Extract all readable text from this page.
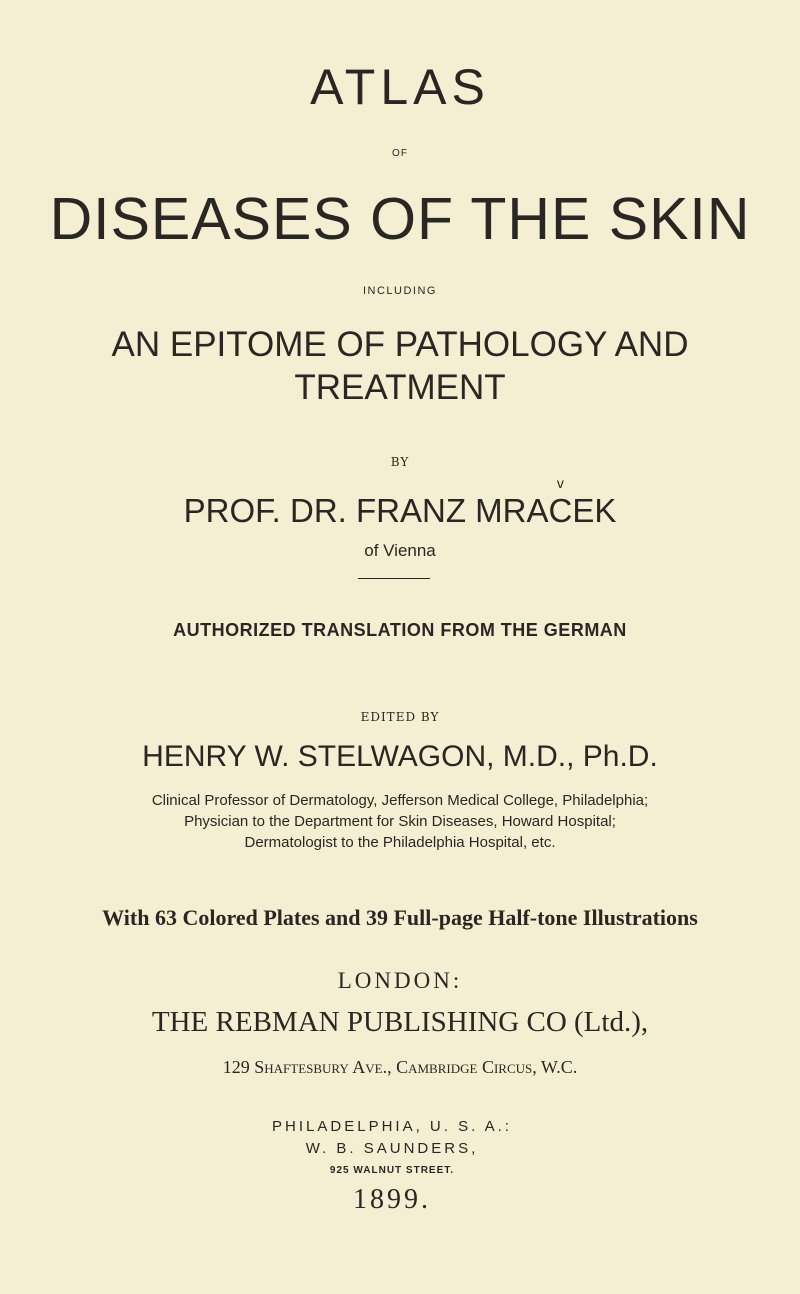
ATLAS
OF
DISEASES OF THE SKIN
INCLUDING
AN EPITOME OF PATHOLOGY AND
TREATMENT
BY
PROF. DR. FRANZ MRAv CEK
of Vienna
AUTHORIZED TRANSLATION FROM THE GERMAN
EDITED BY
HENRY W. STELWAGON, M.D., Ph.D.
Clinical Professor of Dermatology, Jefferson Medical College, Philadelphia;
Physician to the Department for Skin Diseases, Howard Hospital;
Dermatologist to the Philadelphia Hospital, etc.
With 63 Colored Plates and 39 Full-page Half-tone Illustrations
LONDON:
THE REBMAN PUBLISHING CO (Ltd.),
129 Shaftesbury Ave., Cambridge Circus, W.C.
PHILADELPHIA, U. S. A.:
W. B. SAUNDERS,
925 WALNUT STREET.
1899.
